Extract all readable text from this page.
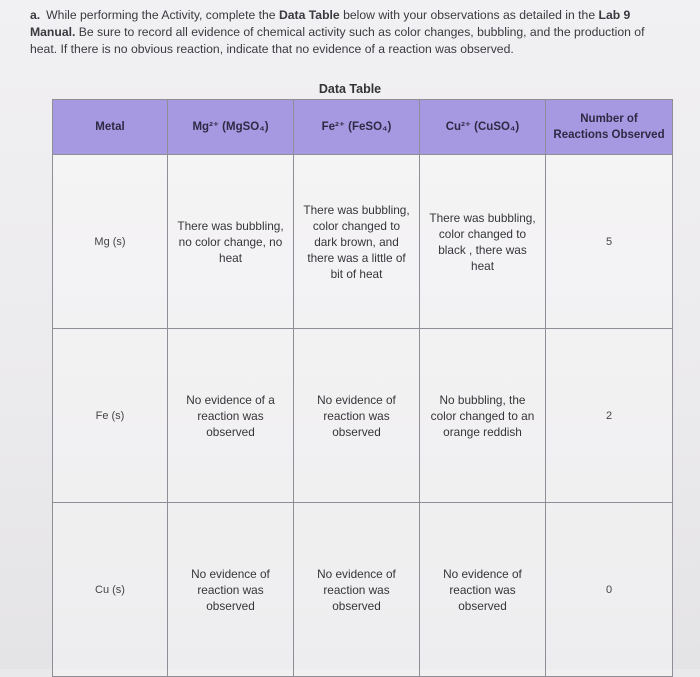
a. While performing the Activity, complete the Data Table below with your observations as detailed in the Lab 9 Manual. Be sure to record all evidence of chemical activity such as color changes, bubbling, and the production of heat. If there is no obvious reaction, indicate that no evidence of a reaction was observed.
Data Table
Metal	Mg²⁺ (MgSO₄)	Fe²⁺ (FeSO₄)	Cu²⁺ (CuSO₄)	Number of Reactions Observed
Mg (s)	There was bubbling, no color change, no heat	There was bubbling, color changed to dark brown, and there was a little of bit of heat	There was bubbling, color changed to black , there was heat	5
Fe (s)	No evidence of a reaction was observed	No evidence of reaction was observed	No bubbling, the color changed to an orange reddish	2
Cu (s)	No evidence of reaction was observed	No evidence of reaction was observed	No evidence of reaction was observed	0
